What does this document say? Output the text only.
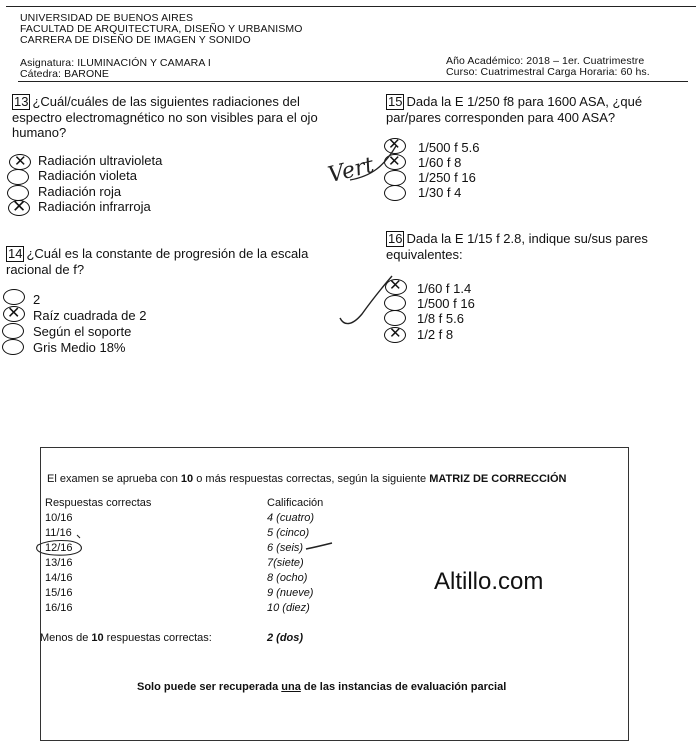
UNIVERSIDAD DE BUENOS AIRES
FACULTAD DE ARQUITECTURA, DISEÑO Y URBANISMO
CARRERA DE DISEÑO DE IMAGEN Y SONIDO
Asignatura: ILUMINACIÓN Y CAMARA I
Cátedra: BARONE
Año Académico: 2018 – 1er. Cuatrimestre
Curso: Cuatrimestral Carga Horaria: 60 hs.
13 ¿Cuál/cuáles de las siguientes radiaciones del espectro electromagnético no son visibles para el ojo humano?
Radiación ultravioleta
Radiación violeta
Radiación roja
Radiación infrarroja
✕
✕
14 ¿Cuál es la constante de progresión de la escala racional de f?
2
Raíz cuadrada de 2
Según el soporte
Gris Medio 18%
✕
15 Dada la E 1/250 f8 para 1600 ASA, ¿qué par/pares corresponden para 400 ASA?
1/500 f 5.6
1/60 f 8
1/250 f 16
1/30 f 4
✕
✕
Vert
16 Dada la E 1/15 f 2.8, indique su/sus pares equivalentes:
1/60 f 1.4
1/500 f 16
1/8 f 5.6
1/2 f 8
✕
✕
El examen se aprueba con 10 o más respuestas correctas, según la siguiente MATRIZ DE CORRECCIÓN
Respuestas correctas	Calificación
10/16	4 (cuatro)
11/16	5 (cinco)
12/16	6 (seis)
13/16	7(siete)
14/16	8 (ocho)
15/16	9 (nueve)
16/16	10 (diez)
Altillo.com
Menos de 10 respuestas correctas:	2 (dos)
Solo puede ser recuperada una de las instancias de evaluación parcial
